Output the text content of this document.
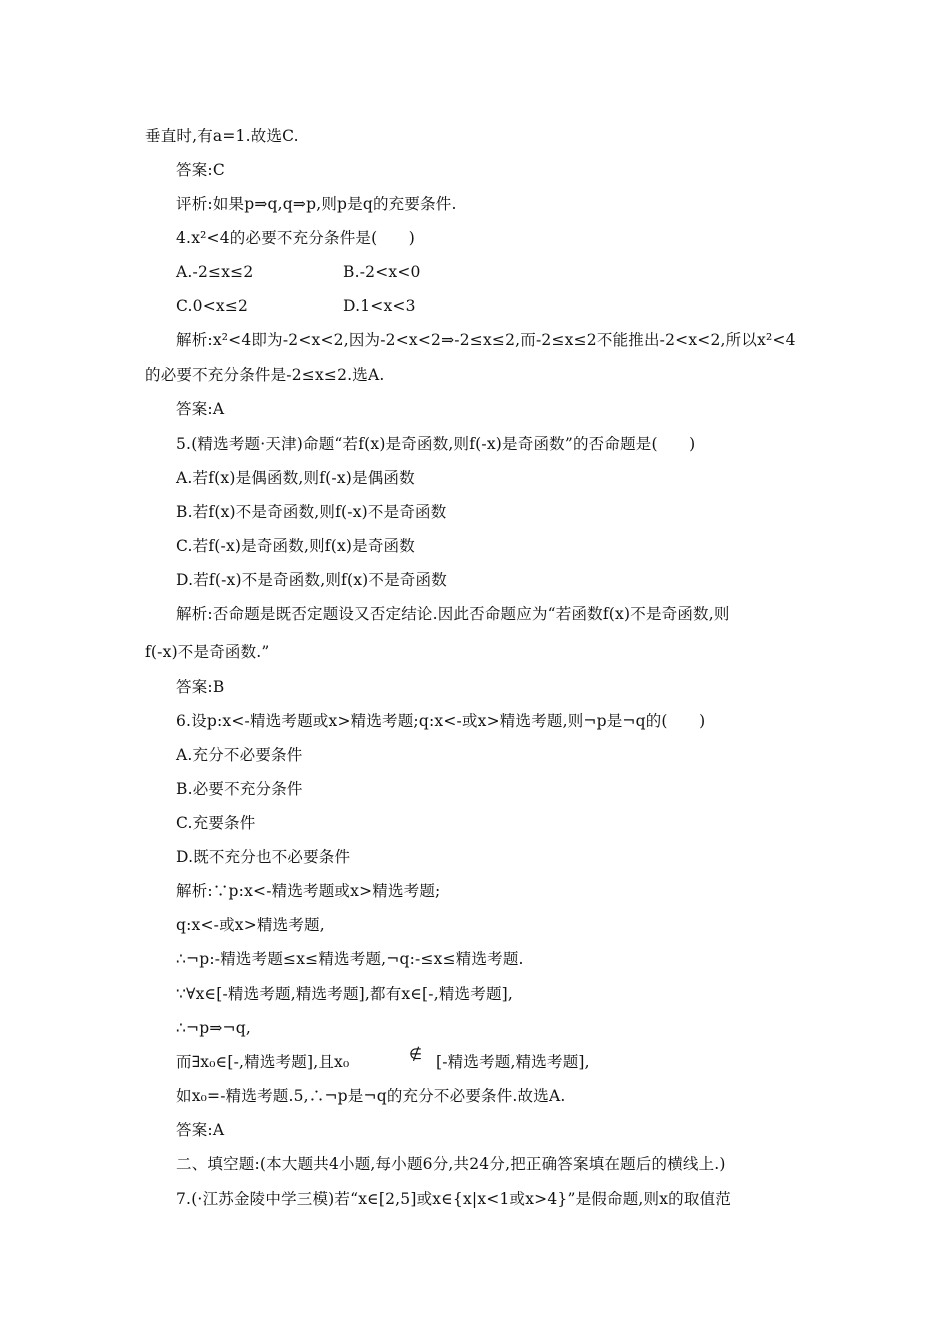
垂直时,有a=1.故选C.
答案:C
评析:如果p⇒q,q⇒p,则p是q的充要条件.
4.x²<4的必要不充分条件是(　　)
A.-2≤x≤2	B.-2<x<0
C.0<x≤2	D.1<x<3
解析:x²<4即为-2<x<2,因为-2<x<2⇒-2≤x≤2,而-2≤x≤2不能推出-2<x<2,所以x²<4
的必要不充分条件是-2≤x≤2.选A.
答案:A
5.(精选考题·天津)命题“若f(x)是奇函数,则f(-x)是奇函数”的否命题是(　　)
A.若f(x)是偶函数,则f(-x)是偶函数
B.若f(x)不是奇函数,则f(-x)不是奇函数
C.若f(-x)是奇函数,则f(x)是奇函数
D.若f(-x)不是奇函数,则f(x)不是奇函数
解析:否命题是既否定题设又否定结论.因此否命题应为“若函数f(x)不是奇函数,则
f(-x)不是奇函数.”
答案:B
6.设p:x<-精选考题或x>精选考题;q:x<-或x>精选考题,则¬p是¬q的(　　)
A.充分不必要条件
B.必要不充分条件
C.充要条件
D.既不充分也不必要条件
解析:∵p:x<-精选考题或x>精选考题;
q:x<-或x>精选考题,
∴¬p:-精选考题≤x≤精选考题,¬q:-≤x≤精选考题.
∵∀x∈[-精选考题,精选考题],都有x∈[-,精选考题],
∴¬p⇒¬q,
而∃x₀∈[-,精选考题],且x₀	∉ [-精选考题,精选考题],
如x₀=-精选考题.5,∴¬p是¬q的充分不必要条件.故选A.
答案:A
二、填空题:(本大题共4小题,每小题6分,共24分,把正确答案填在题后的横线上.)
7.(·江苏金陵中学三模)若“x∈[2,5]或x∈{x|x<1或x>4}”是假命题,则x的取值范
